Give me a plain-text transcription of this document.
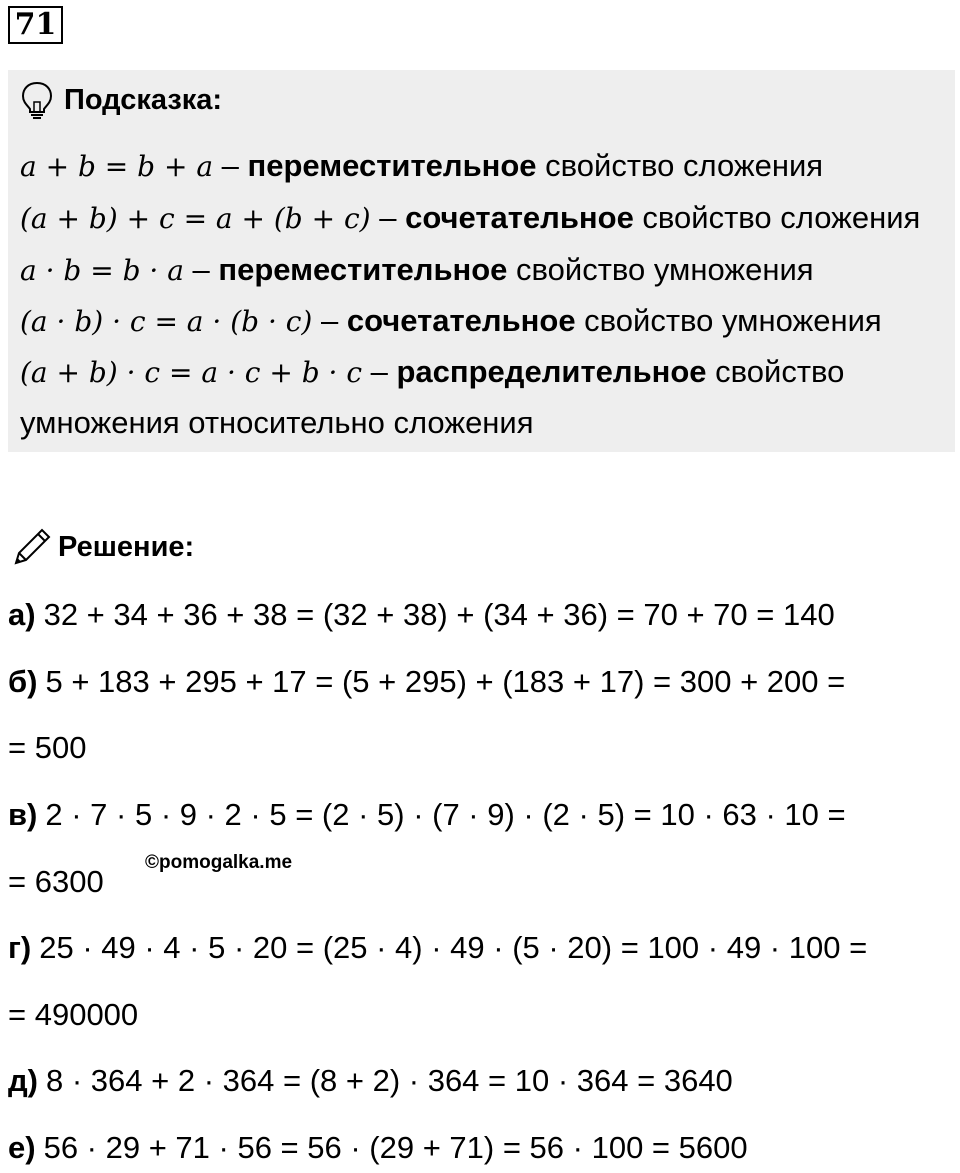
71
Подсказка:
a + b = b + a – переместительное свойство сложения
(a + b) + c = a + (b + c) – сочетательное свойство сложения
a · b = b · a – переместительное свойство умножения
(a · b) · c = a · (b · c) – сочетательное свойство умножения
(a + b) · c = a · c + b · c – распределительное свойство
умножения относительно сложения
Решение:
а) 32 + 34 + 36 + 38 = (32 + 38) + (34 + 36) = 70 + 70 = 140
б) 5 + 183 + 295 + 17 = (5 + 295) + (183 + 17) = 300 + 200 =
= 500
в) 2 · 7 · 5 · 9 · 2 · 5 = (2 · 5) · (7 · 9) · (2 · 5) = 10 · 63 · 10 =
©pomogalka.me
= 6300
г) 25 · 49 · 4 · 5 · 20 = (25 · 4) · 49 · (5 · 20) = 100 · 49 · 100 =
= 490000
д) 8 · 364 + 2 · 364 = (8 + 2) · 364 = 10 · 364 = 3640
е) 56 · 29 + 71 · 56 = 56 · (29 + 71) = 56 · 100 = 5600
